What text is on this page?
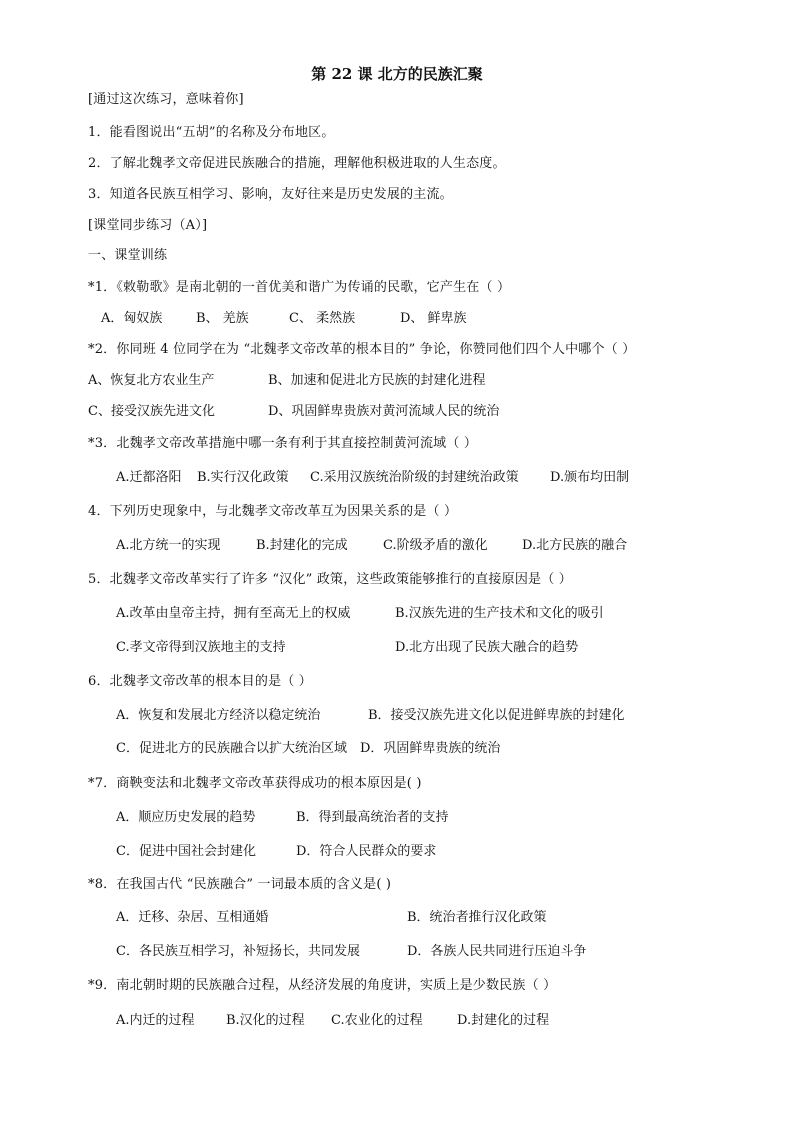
第 22 课 北方的民族汇聚
[通过这次练习，意味着你]
1．能看图说出“五胡”的名称及分布地区。
2．了解北魏孝文帝促进民族融合的措施，理解他积极进取的人生态度。
3．知道各民族互相学习、影响，友好往来是历史发展的主流。
[课堂同步练习（A）]
一、课堂训练
*1．《敕勒歌》是南北朝的一首优美和谐广为传诵的民歌，它产生在（ ）
A．匈奴族	B、 羌族	C、 柔然族	D、 鲜卑族
*2．你同班 4 位同学在为 “北魏孝文帝改革的根本目的” 争论，你赞同他们四个人中哪个（ ）
A、恢复北方农业生产	B、加速和促进北方民族的封建化进程
C、接受汉族先进文化	D、巩固鲜卑贵族对黄河流域人民的统治
*3．北魏孝文帝改革措施中哪一条有利于其直接控制黄河流域（ ）
A.迁都洛阳 B.实行汉化政策 C.采用汉族统治阶级的封建统治政策 D.颁布均田制
4．下列历史现象中，与北魏孝文帝改革互为因果关系的是（ ）
A.北方统一的实现	B.封建化的完成	C.阶级矛盾的激化	D.北方民族的融合
5．北魏孝文帝改革实行了许多 “汉化” 政策，这些政策能够推行的直接原因是（ ）
A.改革由皇帝主持，拥有至高无上的权威	B.汉族先进的生产技术和文化的吸引
C.孝文帝得到汉族地主的支持	D.北方出现了民族大融合的趋势
6．北魏孝文帝改革的根本目的是（ ）
A．恢复和发展北方经济以稳定统治	B．接受汉族先进文化以促进鲜卑族的封建化
C．促进北方的民族融合以扩大统治区域 D．巩固鲜卑贵族的统治
*7．商鞅变法和北魏孝文帝改革获得成功的根本原因是( )
A．顺应历史发展的趋势	B．得到最高统治者的支持
C．促进中国社会封建化	D．符合人民群众的要求
*8．在我国古代 “民族融合” 一词最本质的含义是( )
A．迁移、杂居、互相通婚	B．统治者推行汉化政策
C．各民族互相学习，补短扬长，共同发展	D．各族人民共同进行压迫斗争
*9．南北朝时期的民族融合过程，从经济发展的角度讲，实质上是少数民族（ ）
A.内迁的过程 B.汉化的过程 C.农业化的过程	D.封建化的过程
